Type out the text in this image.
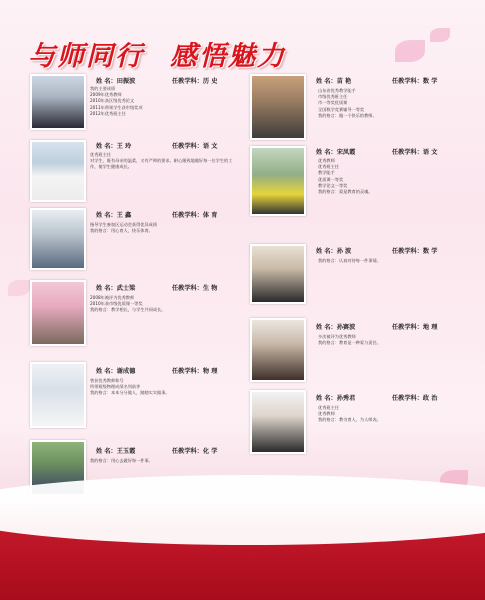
与师同行 感悟魅力
姓 名：田振波	任教学科：历 史
我的主要成绩
2009年优秀教师
2010年获区级优秀论文
2011年带领学生获市级奖项
2012年优秀班主任
姓 名：王 玲	任教学科：语 文
优秀班主任
对学生，既有母亲的温柔，又有严师的要求。耐心细致地做好每一位学生的工作，使学生健康成长。
姓 名：王 鑫	任教学科：体 育
指导学生参加区运动会获得优异成绩
我的格言：用心育人，快乐体育。
姓 名：武士梁	任教学科：生 物
2008年被评为优秀教师
2010年获市级优质课一等奖
我的格言：教学相长，与学生共同成长。
姓 名：谢成德	任教学科：物 理
曾获优秀教师称号
所带班级物理成绩名列前茅
我的格言：本本分分做人，踏踏实实做事。
姓 名：王玉霞	任教学科：化 学
我的格言：用心去做好每一件事。
姓 名：苗 艳	任教学科：数 学
山东省优秀教学能手
市级优秀班主任
市一等奖优质课
全国数学竞赛辅导一等奖
我的格言：做一个快乐的教师。
姓 名：宋凤霞	任教学科：语 文
优秀教师
优秀班主任
教学能手
优质课一等奖
教学论文一等奖
我的格言：爱是教育的灵魂。
姓 名：孙 波	任教学科：数 学
我的格言：认真对待每一件事情。
姓 名：孙赛波	任教学科：地 理
多次被评为优秀教师
我的格言：教育是一种爱与责任。
姓 名：孙秀君	任教学科：政 治
优秀班主任
优秀教师
我的格言：教书育人，为人师表。
